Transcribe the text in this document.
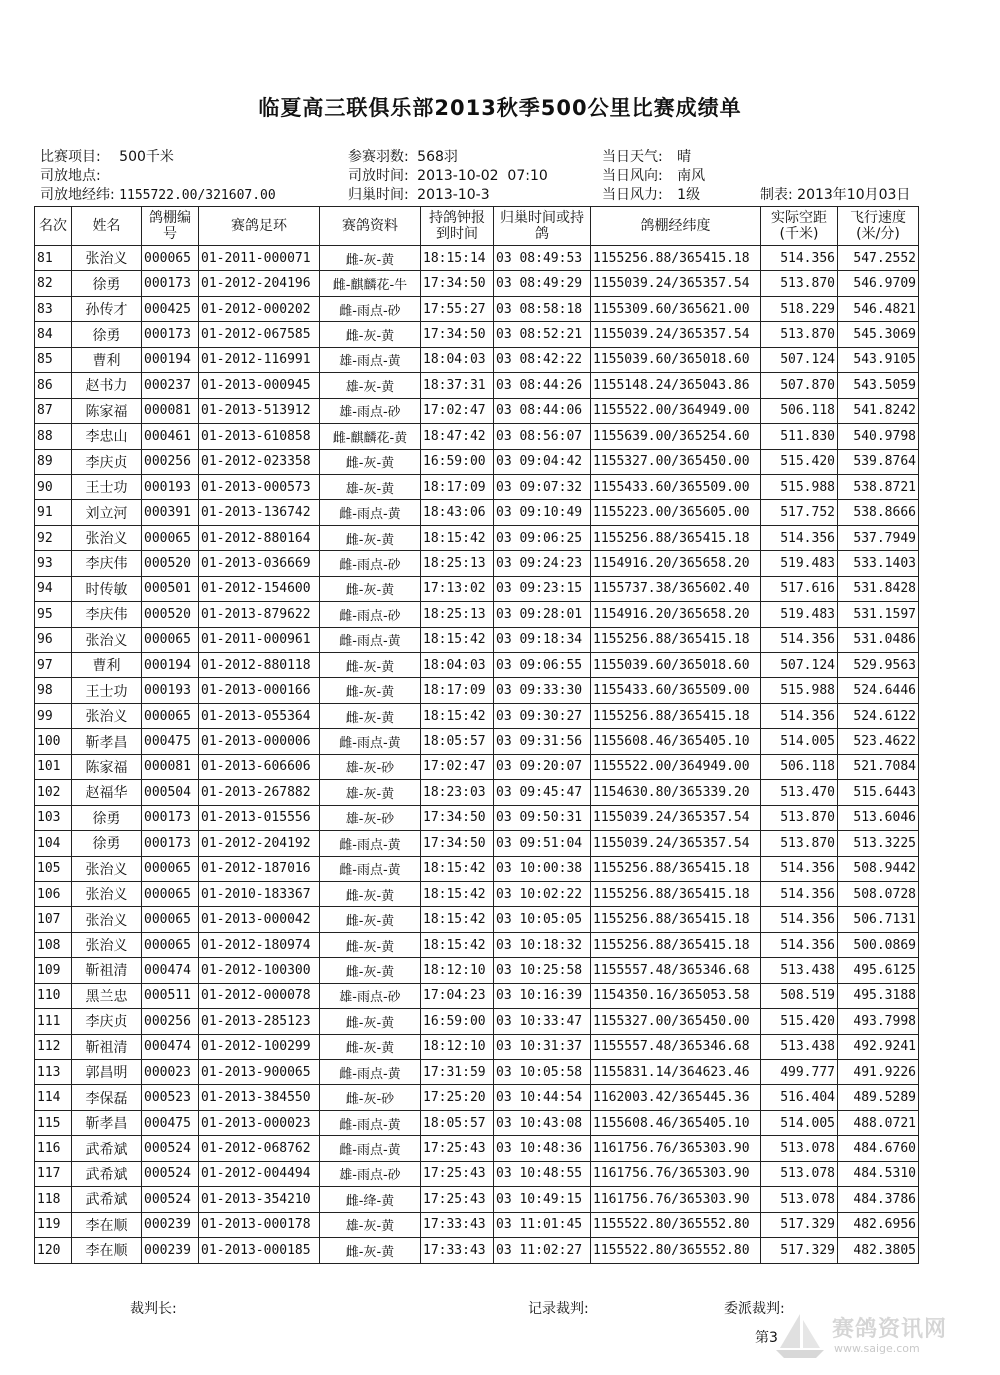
临夏高三联俱乐部2013秋季500公里比赛成绩单
比赛项目: 500千米
司放地点:
司放地经纬: 1155722.00/321607.00
参赛羽数: 568羽
司放时间: 2013-10-02  07:10
归巢时间: 2013-10-3
当日天气: 晴
当日风向: 南风
当日风力: 1级	制表: 2013年10月03日
名次	姓名	鸽棚编号	赛鸽足环	赛鸽资料	持鸽钟报到时间	归巢时间或持鸽	鸽棚经纬度	实际空距(千米)	飞行速度(米/分)
81	张治义	000065	01-2011-000071	雌-灰-黄	18:15:14	03 08:49:53	1155256.88/365415.18	514.356	547.2552
82	徐勇	000173	01-2012-204196	雌-麒麟花-牛	17:34:50	03 08:49:29	1155039.24/365357.54	513.870	546.9709
83	孙传才	000425	01-2012-000202	雌-雨点-砂	17:55:27	03 08:58:18	1155309.60/365621.00	518.229	546.4821
84	徐勇	000173	01-2012-067585	雌-灰-黄	17:34:50	03 08:52:21	1155039.24/365357.54	513.870	545.3069
85	曹利	000194	01-2012-116991	雄-雨点-黄	18:04:03	03 08:42:22	1155039.60/365018.60	507.124	543.9105
86	赵书力	000237	01-2013-000945	雄-灰-黄	18:37:31	03 08:44:26	1155148.24/365043.86	507.870	543.5059
87	陈家福	000081	01-2013-513912	雄-雨点-砂	17:02:47	03 08:44:06	1155522.00/364949.00	506.118	541.8242
88	李忠山	000461	01-2013-610858	雌-麒麟花-黄	18:47:42	03 08:56:07	1155639.00/365254.60	511.830	540.9798
89	李庆贞	000256	01-2012-023358	雌-灰-黄	16:59:00	03 09:04:42	1155327.00/365450.00	515.420	539.8764
90	王士功	000193	01-2013-000573	雄-灰-黄	18:17:09	03 09:07:32	1155433.60/365509.00	515.988	538.8721
91	刘立河	000391	01-2013-136742	雌-雨点-黄	18:43:06	03 09:10:49	1155223.00/365605.00	517.752	538.8666
92	张治义	000065	01-2012-880164	雌-灰-黄	18:15:42	03 09:06:25	1155256.88/365415.18	514.356	537.7949
93	李庆伟	000520	01-2013-036669	雌-雨点-砂	18:25:13	03 09:24:23	1154916.20/365658.20	519.483	533.1403
94	时传敏	000501	01-2012-154600	雌-灰-黄	17:13:02	03 09:23:15	1155737.38/365602.40	517.616	531.8428
95	李庆伟	000520	01-2013-879622	雌-雨点-砂	18:25:13	03 09:28:01	1154916.20/365658.20	519.483	531.1597
96	张治义	000065	01-2011-000961	雌-雨点-黄	18:15:42	03 09:18:34	1155256.88/365415.18	514.356	531.0486
97	曹利	000194	01-2012-880118	雌-灰-黄	18:04:03	03 09:06:55	1155039.60/365018.60	507.124	529.9563
98	王士功	000193	01-2013-000166	雌-灰-黄	18:17:09	03 09:33:30	1155433.60/365509.00	515.988	524.6446
99	张治义	000065	01-2013-055364	雌-灰-黄	18:15:42	03 09:30:27	1155256.88/365415.18	514.356	524.6122
100	靳孝昌	000475	01-2013-000006	雌-雨点-黄	18:05:57	03 09:31:56	1155608.46/365405.10	514.005	523.4622
101	陈家福	000081	01-2013-606606	雄-灰-砂	17:02:47	03 09:20:07	1155522.00/364949.00	506.118	521.7084
102	赵福华	000504	01-2013-267882	雄-灰-黄	18:23:03	03 09:45:47	1154630.80/365339.20	513.470	515.6443
103	徐勇	000173	01-2013-015556	雄-灰-砂	17:34:50	03 09:50:31	1155039.24/365357.54	513.870	513.6046
104	徐勇	000173	01-2012-204192	雌-雨点-黄	17:34:50	03 09:51:04	1155039.24/365357.54	513.870	513.3225
105	张治义	000065	01-2012-187016	雌-雨点-黄	18:15:42	03 10:00:38	1155256.88/365415.18	514.356	508.9442
106	张治义	000065	01-2010-183367	雌-灰-黄	18:15:42	03 10:02:22	1155256.88/365415.18	514.356	508.0728
107	张治义	000065	01-2013-000042	雌-灰-黄	18:15:42	03 10:05:05	1155256.88/365415.18	514.356	506.7131
108	张治义	000065	01-2012-180974	雌-灰-黄	18:15:42	03 10:18:32	1155256.88/365415.18	514.356	500.0869
109	靳祖清	000474	01-2012-100300	雌-灰-黄	18:12:10	03 10:25:58	1155557.48/365346.68	513.438	495.6125
110	黑兰忠	000511	01-2012-000078	雄-雨点-砂	17:04:23	03 10:16:39	1154350.16/365053.58	508.519	495.3188
111	李庆贞	000256	01-2013-285123	雌-灰-黄	16:59:00	03 10:33:47	1155327.00/365450.00	515.420	493.7998
112	靳祖清	000474	01-2012-100299	雌-灰-黄	18:12:10	03 10:31:37	1155557.48/365346.68	513.438	492.9241
113	郭昌明	000023	01-2013-900065	雌-雨点-黄	17:31:59	03 10:05:58	1155831.14/364623.46	499.777	491.9226
114	李保磊	000523	01-2013-384550	雌-灰-砂	17:25:20	03 10:44:54	1162003.42/365445.36	516.404	489.5289
115	靳孝昌	000475	01-2013-000023	雌-雨点-黄	18:05:57	03 10:43:08	1155608.46/365405.10	514.005	488.0721
116	武希斌	000524	01-2012-068762	雌-雨点-黄	17:25:43	03 10:48:36	1161756.76/365303.90	513.078	484.6760
117	武希斌	000524	01-2012-004494	雄-雨点-砂	17:25:43	03 10:48:55	1161756.76/365303.90	513.078	484.5310
118	武希斌	000524	01-2013-354210	雌-绛-黄	17:25:43	03 10:49:15	1161756.76/365303.90	513.078	484.3786
119	李在顺	000239	01-2013-000178	雄-灰-黄	17:33:43	03 11:01:45	1155522.80/365552.80	517.329	482.6956
120	李在顺	000239	01-2013-000185	雌-灰-黄	17:33:43	03 11:02:27	1155522.80/365552.80	517.329	482.3805
裁判长:	记录裁判:	委派裁判:
第3 赛鸽资讯网
www.saige.com
